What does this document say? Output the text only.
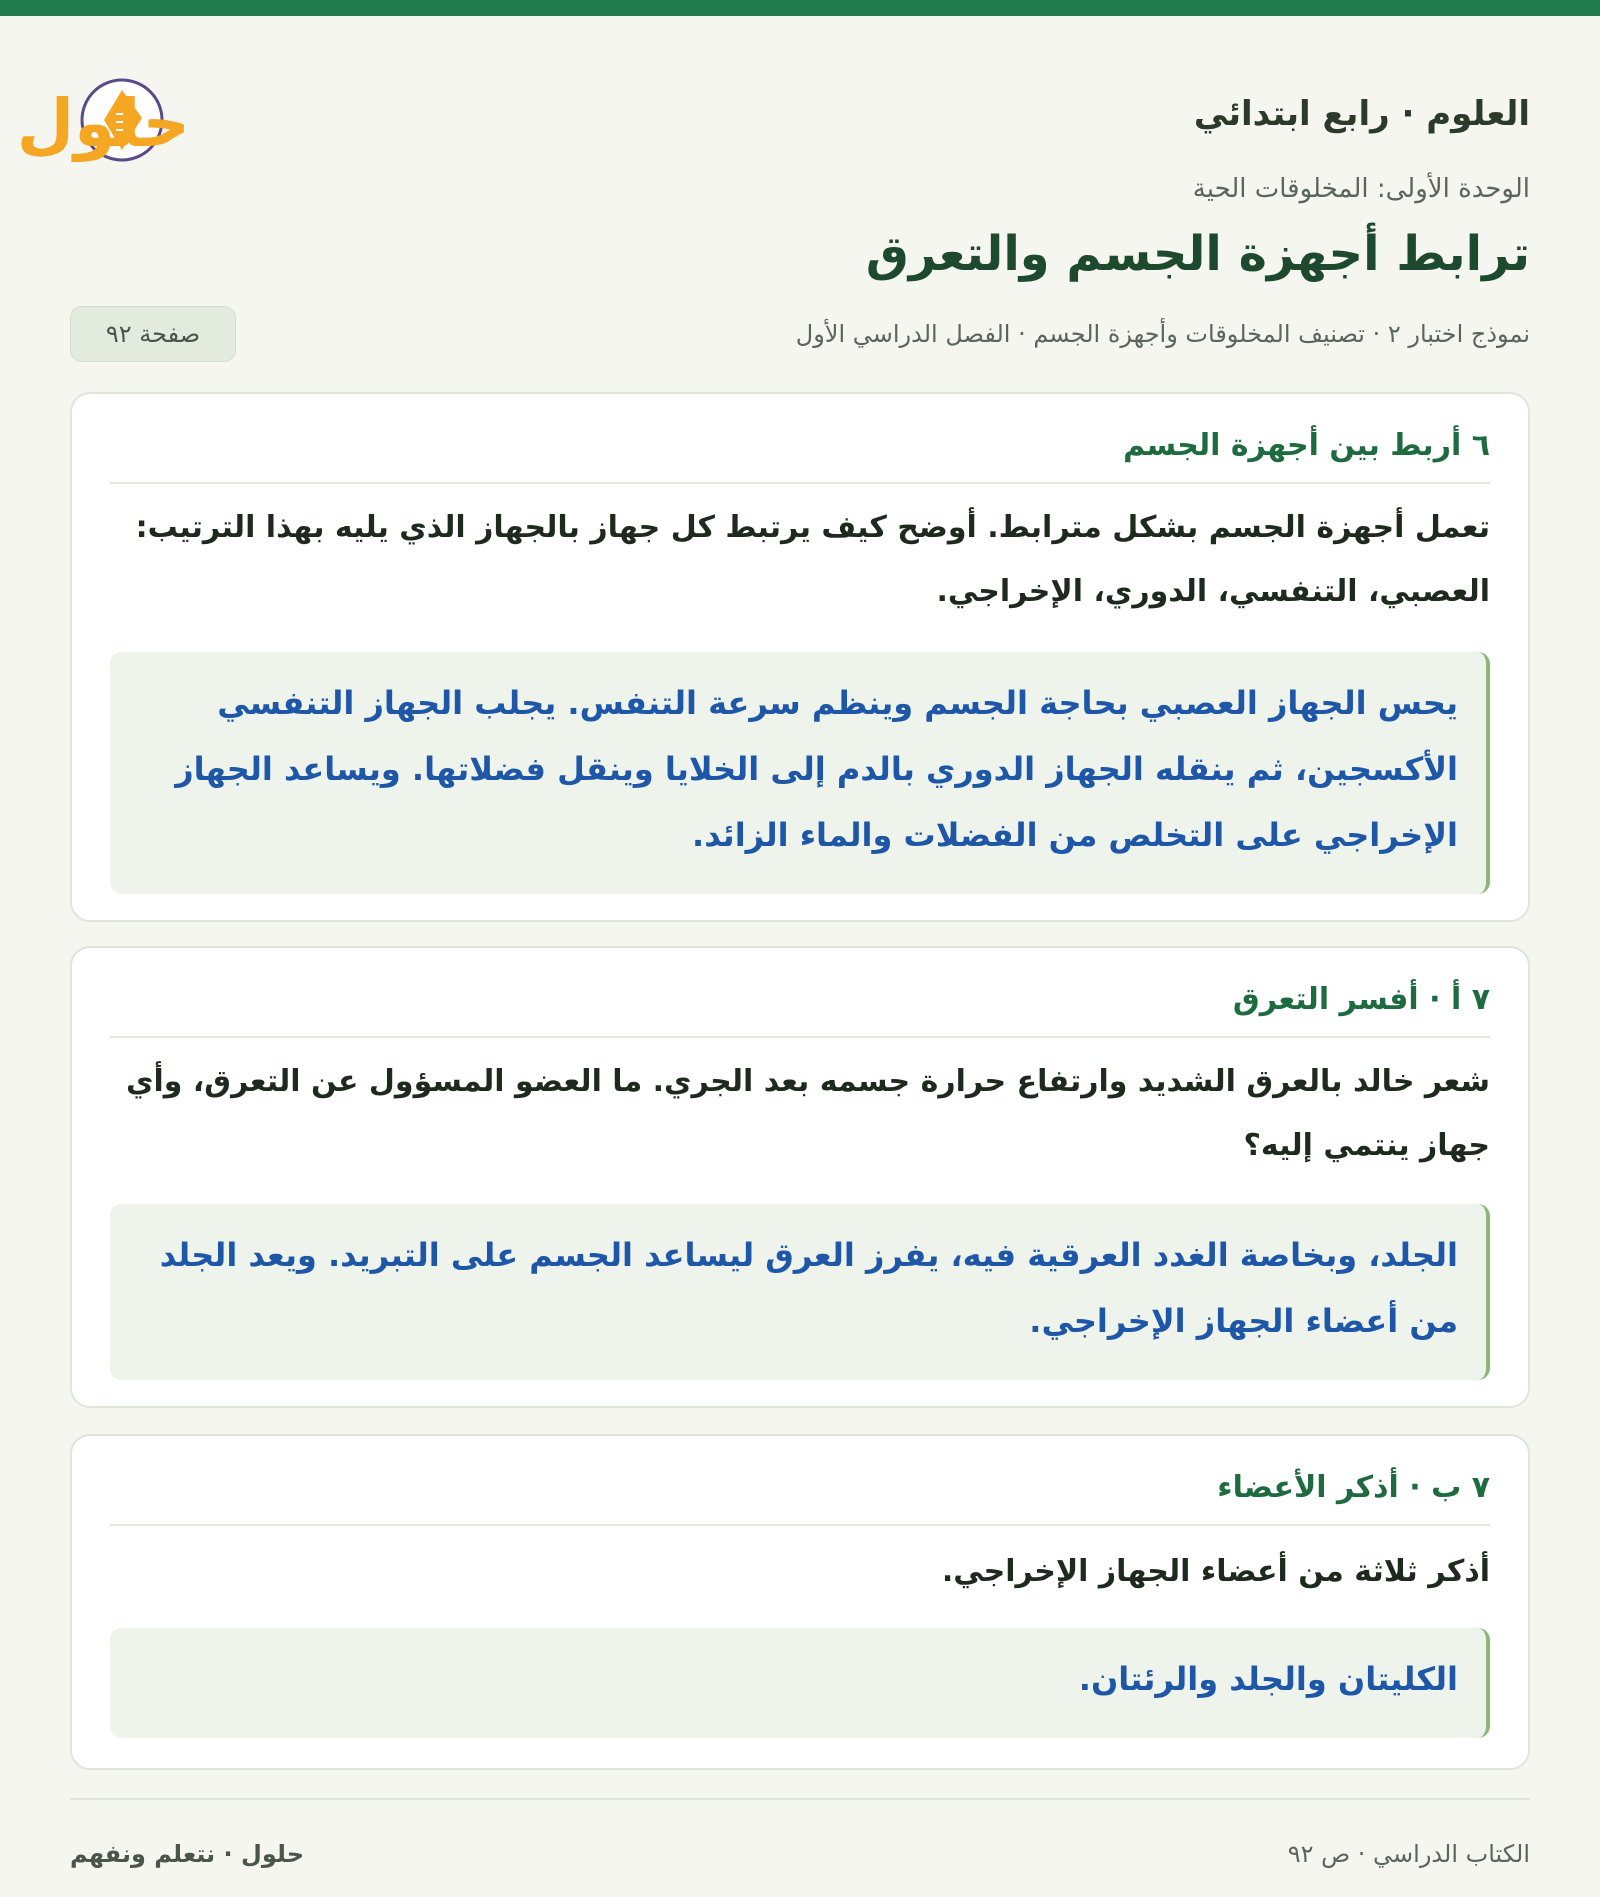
العلوم · رابع ابتدائي
حلول
الوحدة الأولى: المخلوقات الحية
ترابط أجهزة الجسم والتعرق
نموذج اختبار ٢ · تصنيف المخلوقات وأجهزة الجسم · الفصل الدراسي الأول
صفحة ٩٢
٦ أربط بين أجهزة الجسم
تعمل أجهزة الجسم بشكل مترابط. أوضح كيف يرتبط كل جهاز بالجهاز الذي يليه بهذا الترتيب: العصبي، التنفسي، الدوري، الإخراجي.
يحس الجهاز العصبي بحاجة الجسم وينظم سرعة التنفس. يجلب الجهاز التنفسي الأكسجين، ثم ينقله الجهاز الدوري بالدم إلى الخلايا وينقل فضلاتها. ويساعد الجهاز الإخراجي على التخلص من الفضلات والماء الزائد.
٧ أ · أفسر التعرق
شعر خالد بالعرق الشديد وارتفاع حرارة جسمه بعد الجري. ما العضو المسؤول عن التعرق، وأي جهاز ينتمي إليه؟
الجلد، وبخاصة الغدد العرقية فيه، يفرز العرق ليساعد الجسم على التبريد. ويعد الجلد من أعضاء الجهاز الإخراجي.
٧ ب · أذكر الأعضاء
أذكر ثلاثة من أعضاء الجهاز الإخراجي.
الكليتان والجلد والرئتان.
الكتاب الدراسي · ص ٩٢
حلول · نتعلم ونفهم
